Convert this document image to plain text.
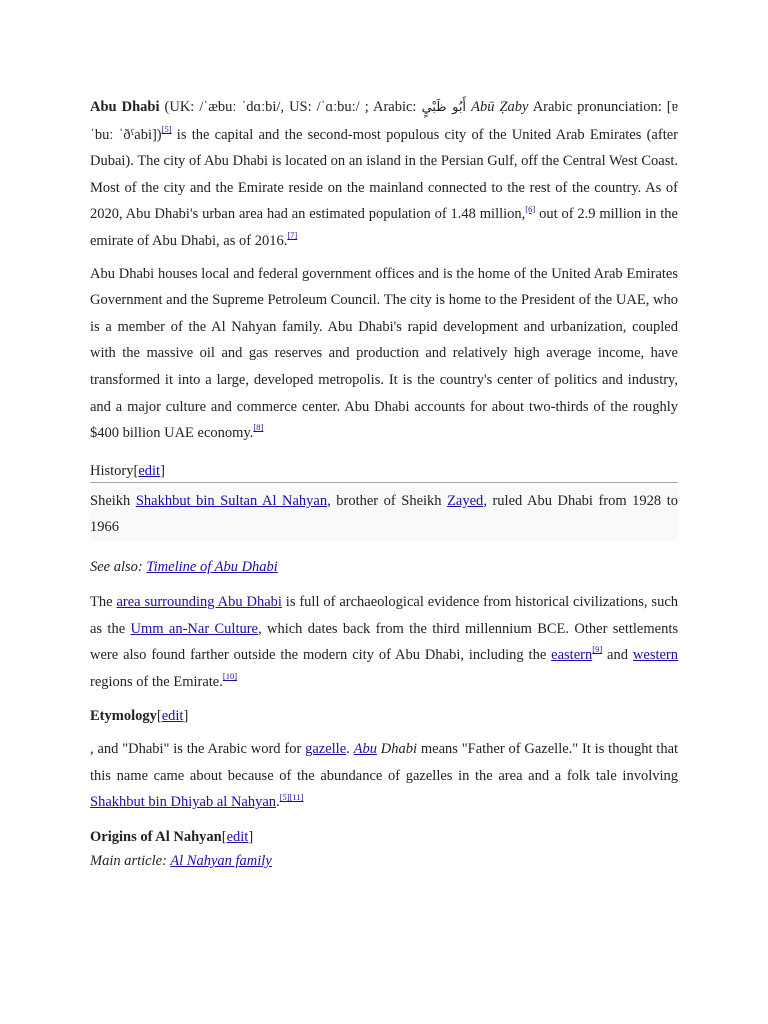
Abu Dhabi (UK: /ˈæbuː ˈdɑːbi/, US: /ˈɑːbuː/ ; Arabic: أَبُو ظَبْيٍ Abū Ẓaby Arabic pronunciation: [ɐ ˈbuː ˈðˤabi])[5] is the capital and the second-most populous city of the United Arab Emirates (after Dubai). The city of Abu Dhabi is located on an island in the Persian Gulf, off the Central West Coast. Most of the city and the Emirate reside on the mainland connected to the rest of the country. As of 2020, Abu Dhabi's urban area had an estimated population of 1.48 million,[6] out of 2.9 million in the emirate of Abu Dhabi, as of 2016.[7]

Abu Dhabi houses local and federal government offices and is the home of the United Arab Emirates Government and the Supreme Petroleum Council. The city is home to the President of the UAE, who is a member of the Al Nahyan family. Abu Dhabi's rapid development and urbanization, coupled with the massive oil and gas reserves and production and relatively high average income, have transformed it into a large, developed metropolis. It is the country's center of politics and industry, and a major culture and commerce center. Abu Dhabi accounts for about two-thirds of the roughly $400 billion UAE economy.[8]

History[edit]

Sheikh Shakhbut bin Sultan Al Nahyan, brother of Sheikh Zayed, ruled Abu Dhabi from 1928 to 1966

See also: Timeline of Abu Dhabi

The area surrounding Abu Dhabi is full of archaeological evidence from historical civilizations, such as the Umm an-Nar Culture, which dates back from the third millennium BCE. Other settlements were also found farther outside the modern city of Abu Dhabi, including the eastern[9] and western regions of the Emirate.[10]

Etymology[edit]

, and "Dhabi" is the Arabic word for gazelle. Abu Dhabi means "Father of Gazelle." It is thought that this name came about because of the abundance of gazelles in the area and a folk tale involving Shakhbut bin Dhiyab al Nahyan.[5][11]

Origins of Al Nahyan[edit]
Main article: Al Nahyan family
